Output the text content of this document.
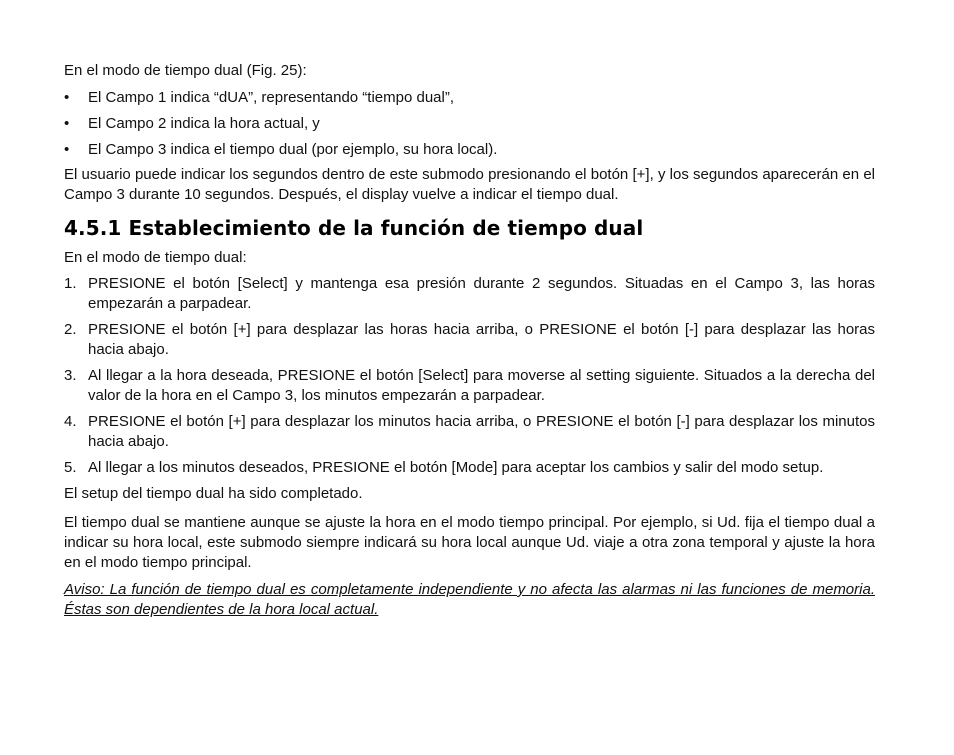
En el modo de tiempo dual (Fig. 25):

• El Campo 1 indica “dUA”, representando “tiempo dual”,
• El Campo 2 indica la hora actual, y
• El Campo 3 indica el tiempo dual (por ejemplo, su hora local).

El usuario puede indicar los segundos dentro de este submodo presionando el botón [+], y los segundos aparecerán en el Campo 3 durante 10 segundos. Después, el display vuelve a indicar el tiempo dual.

4.5.1 Establecimiento de la función de tiempo dual

En el modo de tiempo dual:

1. PRESIONE el botón [Select] y mantenga esa presión durante 2 segundos. Situadas en el Campo 3, las horas empezarán a parpadear.
2. PRESIONE el botón [+] para desplazar las horas hacia arriba, o PRESIONE el botón [-] para desplazar las horas hacia abajo.
3. Al llegar a la hora deseada, PRESIONE el botón [Select] para moverse al setting siguiente. Situados a la derecha del valor de la hora en el Campo 3, los minutos empezarán a parpadear.
4. PRESIONE el botón [+] para desplazar los minutos hacia arriba, o PRESIONE el botón [-] para desplazar los minutos hacia abajo.
5. Al llegar a los minutos deseados, PRESIONE el botón [Mode] para aceptar los cambios y salir del modo setup.

El setup del tiempo dual ha sido completado.

El tiempo dual se mantiene aunque se ajuste la hora en el modo tiempo principal. Por ejemplo, si Ud. fija el tiempo dual a indicar su hora local, este submodo siempre indicará su hora local aunque Ud. viaje a otra zona temporal y ajuste la hora en el modo tiempo principal.

Aviso: La función de tiempo dual es completamente independiente y no afecta las alarmas ni las funciones de memoria. Éstas son dependientes de la hora local actual.
